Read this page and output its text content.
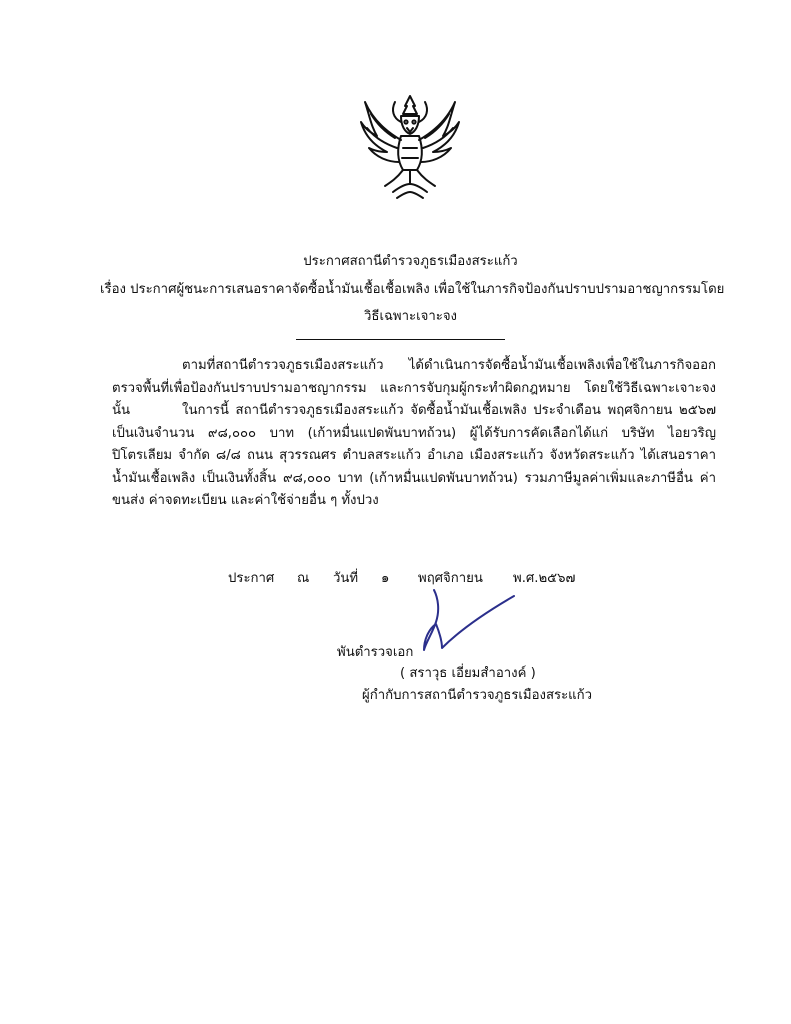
ประกาศสถานีตำรวจภูธรเมืองสระแก้ว
เรื่อง ประกาศผู้ชนะการเสนอราคาจัดซื้อน้ำมันเชื้อเชื้อเพลิง เพื่อใช้ในภารกิจป้องกันปราบปรามอาชญากรรมโดย
วิธีเฉพาะเจาะจง
ตามที่สถานีตำรวจภูธรเมืองสระแก้ว ได้ดำเนินการจัดซื้อน้ำมันเชื้อเพลิงเพื่อใช้ในภารกิจออกตรวจพื้นที่เพื่อป้องกันปราบปรามอาชญากรรม และการจับกุมผู้กระทำผิดกฎหมาย โดยใช้วิธีเฉพาะเจาะจง นั้น	ในการนี้ สถานีตำรวจภูธรเมืองสระแก้ว จัดซื้อน้ำมันเชื้อเพลิง ประจำเดือน พฤศจิกายน ๒๕๖๗ เป็นเงินจำนวน ๙๘,๐๐๐ บาท (เก้าหมื่นแปดพันบาทถ้วน) ผู้ได้รับการคัดเลือกได้แก่ บริษัท ไอยวริญปิโตรเลียม จำกัด ๘/๘ ถนน สุวรรณศร ตำบลสระแก้ว อำเภอ เมืองสระแก้ว จังหวัดสระแก้ว ได้เสนอราคาน้ำมันเชื้อเพลิง เป็นเงินทั้งสิ้น ๙๘,๐๐๐ บาท (เก้าหมื่นแปดพันบาทถ้วน) รวมภาษีมูลค่าเพิ่มและภาษีอื่น ค่าขนส่ง ค่าจดทะเบียน และค่าใช้จ่ายอื่น ๆ ทั้งปวง
ประกาศ ณ วันที่ ๑ พฤศจิกายน พ.ศ.๒๕๖๗
พันตำรวจเอก
( สราวุธ เอี่ยมสำอางค์ )
ผู้กำกับการสถานีตำรวจภูธรเมืองสระแก้ว
